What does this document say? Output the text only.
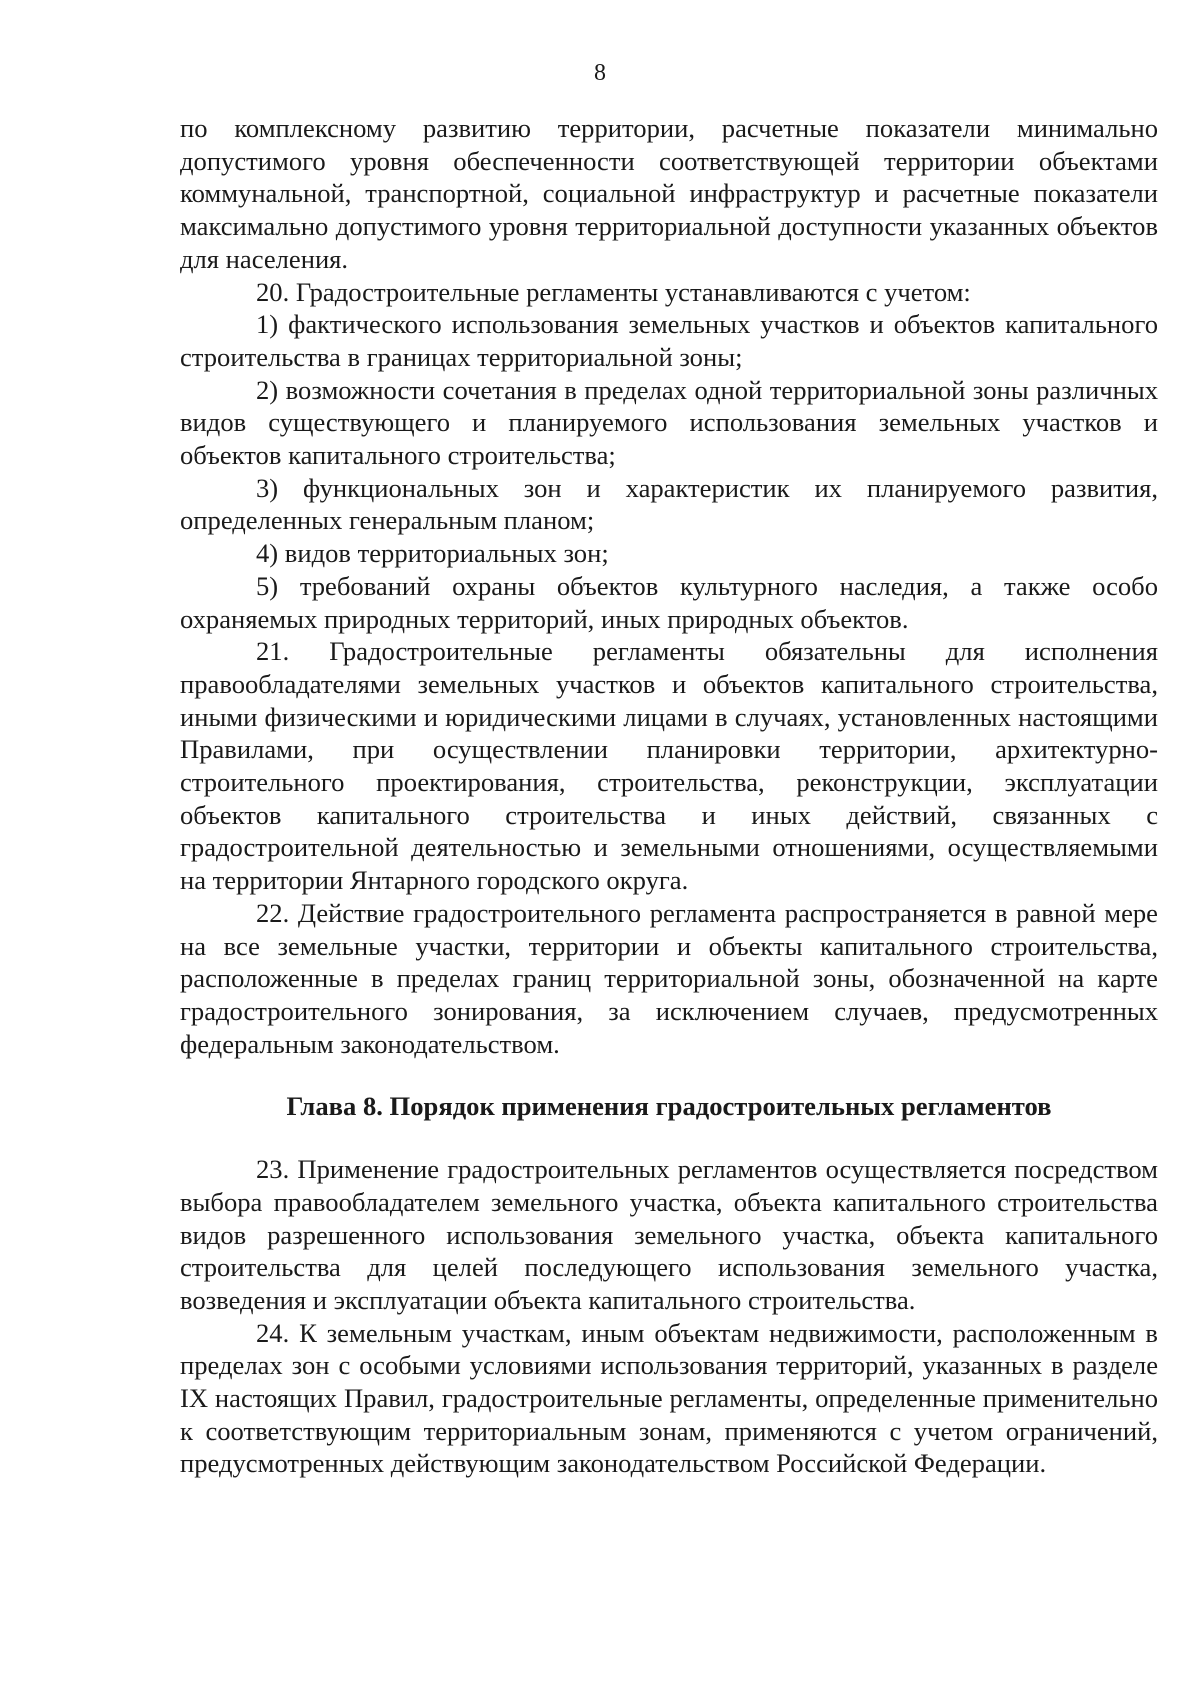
8

по комплексному развитию территории, расчетные показатели минимально допустимого уровня обеспеченности соответствующей территории объектами коммунальной, транспортной, социальной инфраструктур и расчетные показатели максимально допустимого уровня территориальной доступности указанных объектов для населения.

20. Градостроительные регламенты устанавливаются с учетом:

1) фактического использования земельных участков и объектов капитального строительства в границах территориальной зоны;

2) возможности сочетания в пределах одной территориальной зоны различных видов существующего и планируемого использования земельных участков и объектов капитального строительства;

3) функциональных зон и характеристик их планируемого развития, определенных генеральным планом;

4) видов территориальных зон;

5) требований охраны объектов культурного наследия, а также особо охраняемых природных территорий, иных природных объектов.

21. Градостроительные регламенты обязательны для исполнения правообладателями земельных участков и объектов капитального строительства, иными физическими и юридическими лицами в случаях, установленных настоящими Правилами, при осуществлении планировки территории, архитектурно-строительного проектирования, строительства, реконструкции, эксплуатации объектов капитального строительства и иных действий, связанных с градостроительной деятельностью и земельными отношениями, осуществляемыми на территории Янтарного городского округа.

22. Действие градостроительного регламента распространяется в равной мере на все земельные участки, территории и объекты капитального строительства, расположенные в пределах границ территориальной зоны, обозначенной на карте градостроительного зонирования, за исключением случаев, предусмотренных федеральным законодательством.

Глава 8. Порядок применения градостроительных регламентов

23. Применение градостроительных регламентов осуществляется посредством выбора правообладателем земельного участка, объекта капитального строительства видов разрешенного использования земельного участка, объекта капитального строительства для целей последующего использования земельного участка, возведения и эксплуатации объекта капитального строительства.

24. К земельным участкам, иным объектам недвижимости, расположенным в пределах зон с особыми условиями использования территорий, указанных в разделе IX настоящих Правил, градостроительные регламенты, определенные применительно к соответствующим территориальным зонам, применяются с учетом ограничений, предусмотренных действующим законодательством Российской Федерации.
